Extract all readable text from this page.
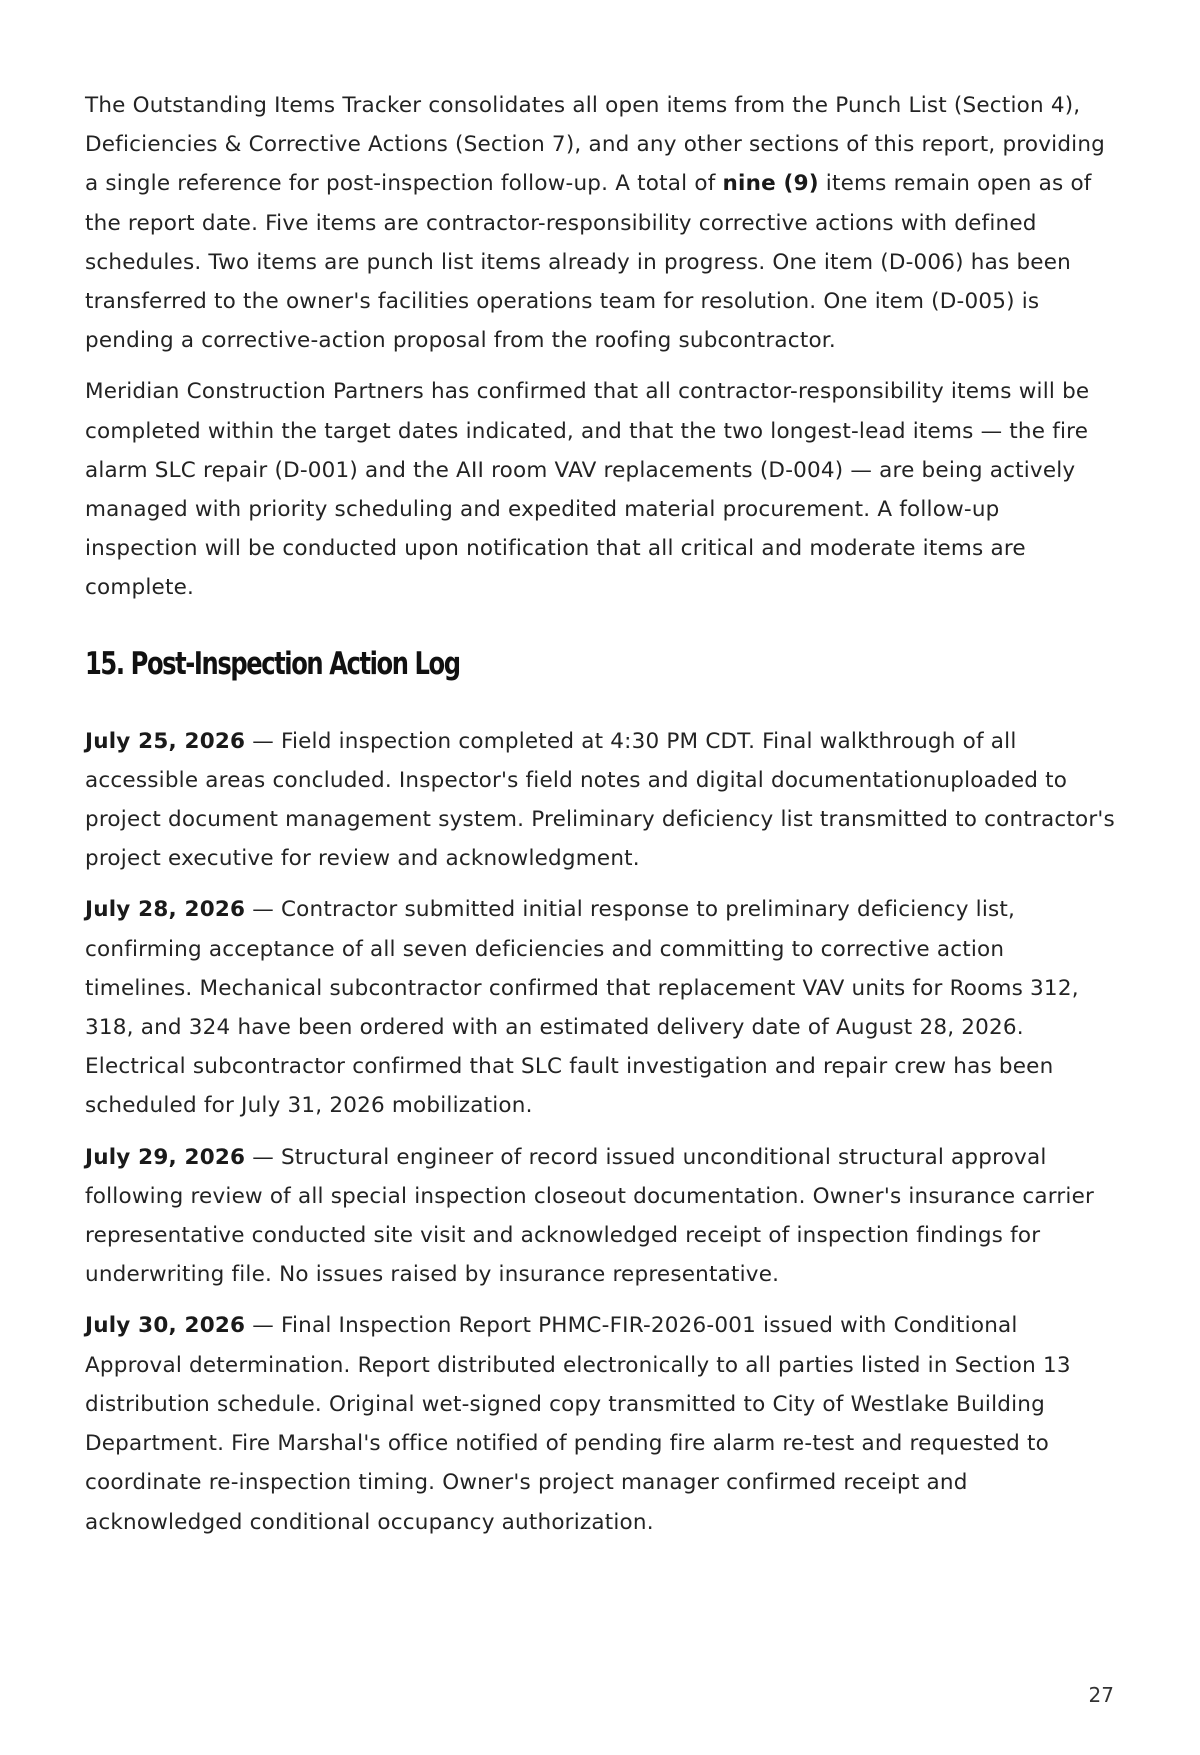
The Outstanding Items Tracker consolidates all open items from the Punch List (Section 4), Deficiencies & Corrective Actions (Section 7), and any other sections of this report, providing a single reference for post-inspection follow-up. A total of nine (9) items remain open as of the report date. Five items are contractor-responsibility corrective actions with defined schedules. Two items are punch list items already in progress. One item (D-006) has been transferred to the owner's facilities operations team for resolution. One item (D-005) is pending a corrective-action proposal from the roofing subcontractor.

Meridian Construction Partners has confirmed that all contractor-responsibility items will be completed within the target dates indicated, and that the two longest-lead items — the fire alarm SLC repair (D-001) and the AII room VAV replacements (D-004) — are being actively managed with priority scheduling and expedited material procurement. A follow-up inspection will be conducted upon notification that all critical and moderate items are complete.

15. Post-Inspection Action Log

July 25, 2026 — Field inspection completed at 4:30 PM CDT. Final walkthrough of all accessible areas concluded. Inspector's field notes and digital documentationuploaded to project document management system. Preliminary deficiency list transmitted to contractor's project executive for review and acknowledgment.

July 28, 2026 — Contractor submitted initial response to preliminary deficiency list, confirming acceptance of all seven deficiencies and committing to corrective action timelines. Mechanical subcontractor confirmed that replacement VAV units for Rooms 312, 318, and 324 have been ordered with an estimated delivery date of August 28, 2026. Electrical subcontractor confirmed that SLC fault investigation and repair crew has been scheduled for July 31, 2026 mobilization.

July 29, 2026 — Structural engineer of record issued unconditional structural approval following review of all special inspection closeout documentation. Owner's insurance carrier representative conducted site visit and acknowledged receipt of inspection findings for underwriting file. No issues raised by insurance representative.

July 30, 2026 — Final Inspection Report PHMC-FIR-2026-001 issued with Conditional Approval determination. Report distributed electronically to all parties listed in Section 13 distribution schedule. Original wet-signed copy transmitted to City of Westlake Building Department. Fire Marshal's office notified of pending fire alarm re-test and requested to coordinate re-inspection timing. Owner's project manager confirmed receipt and acknowledged conditional occupancy authorization.

27
